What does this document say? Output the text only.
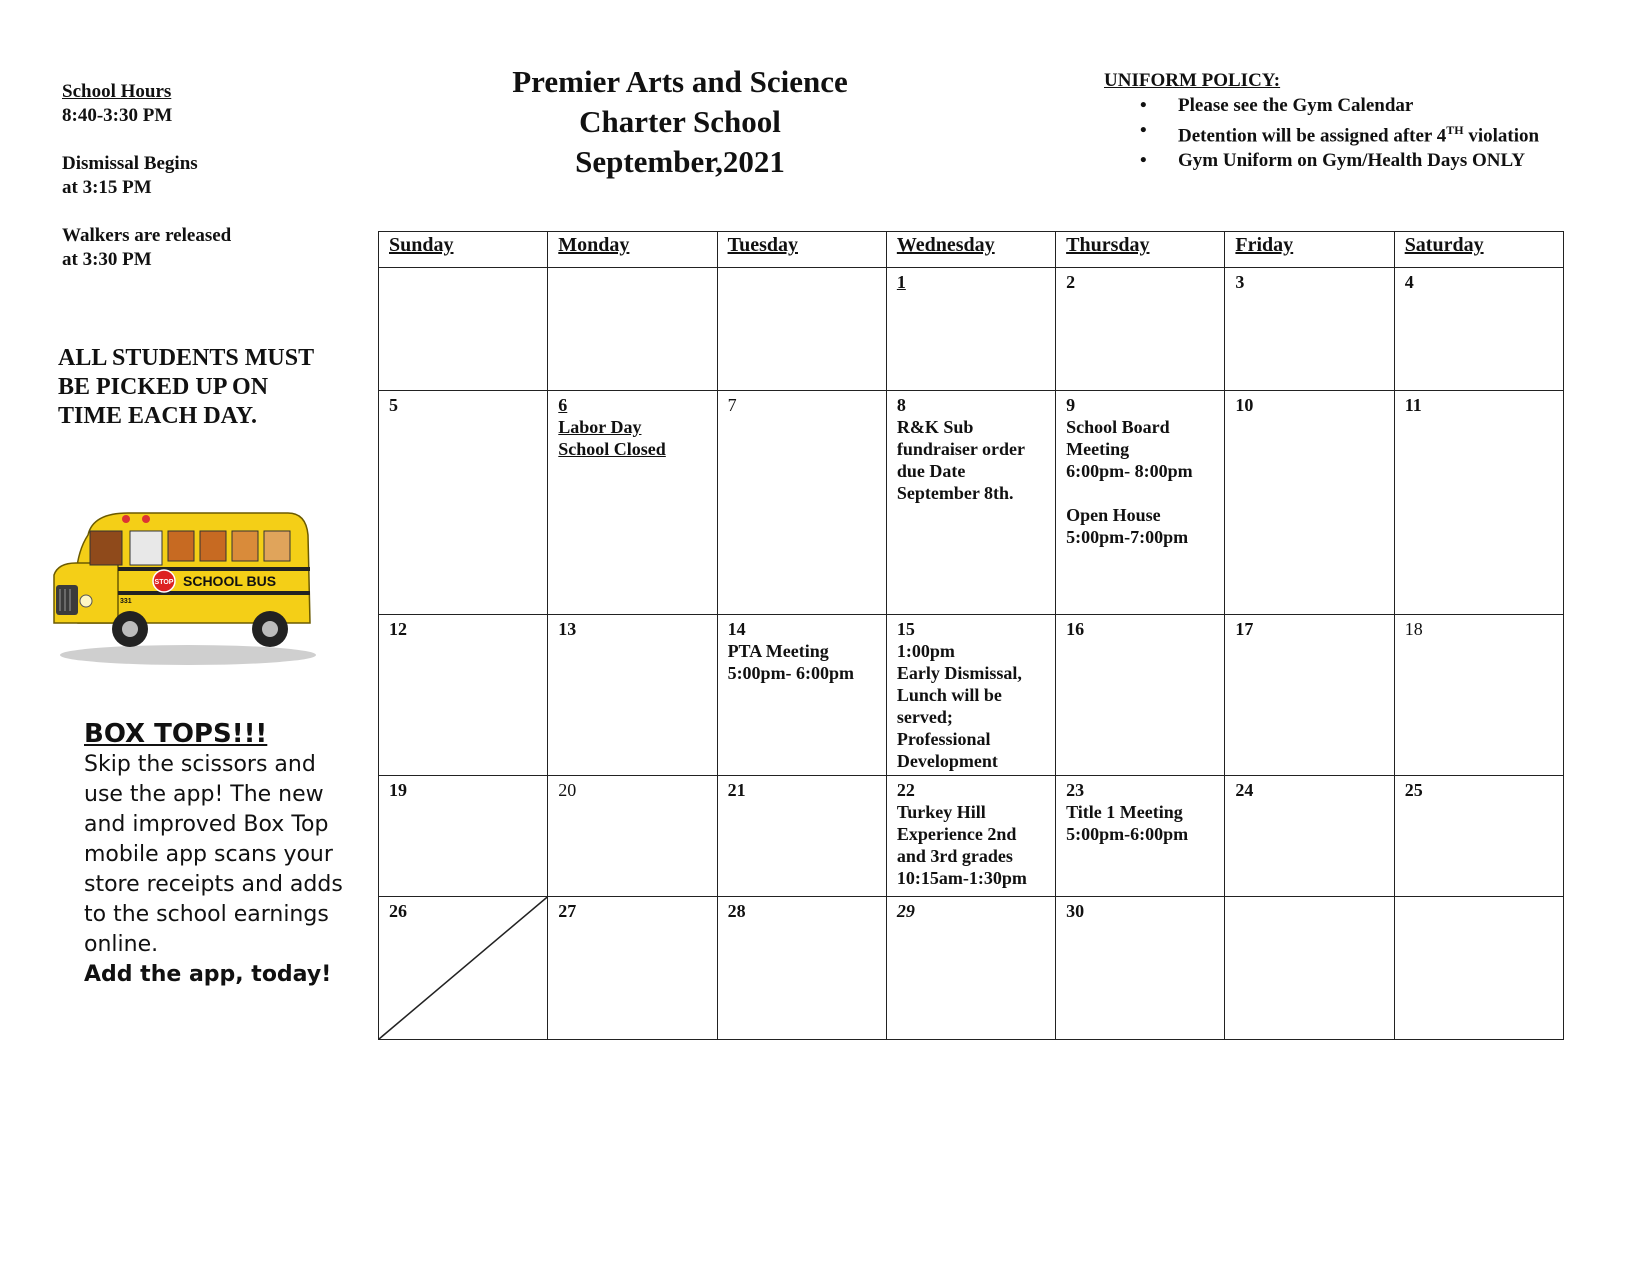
School Hours
8:40-3:30 PM
Dismissal Begins
at 3:15 PM
Walkers are released
at 3:30 PM
ALL STUDENTS MUST BE PICKED UP ON TIME EACH DAY.
STOP SCHOOL BUS
331
BOX TOPS!!!
Skip the scissors and use the app! The new and improved Box Top mobile app scans your store receipts and adds to the school earnings online.
Add the app, today!
Premier Arts and Science
Charter School
September,2021
UNIFORM POLICY:
• Please see the Gym Calendar
• Detention will be assigned after 4TH violation
• Gym Uniform on Gym/Health Days ONLY
Sunday	Monday	Tuesday	Wednesday	Thursday	Friday	Saturday

			1	2	3	4

5	6
Labor Day
School Closed	7	8
R&K Sub fundraiser order due Date September 8th.	9
School Board Meeting
6:00pm- 8:00pm

Open House
5:00pm-7:00pm	10	11

12	13	14
PTA Meeting
5:00pm- 6:00pm	15
1:00pm
Early Dismissal,
Lunch will be served;
Professional Development	16	17	18

19	20	21	22
Turkey Hill Experience 2nd and 3rd grades
10:15am-1:30pm	23
Title 1 Meeting
5:00pm-6:00pm	24	25

26	27	28	29	30		
